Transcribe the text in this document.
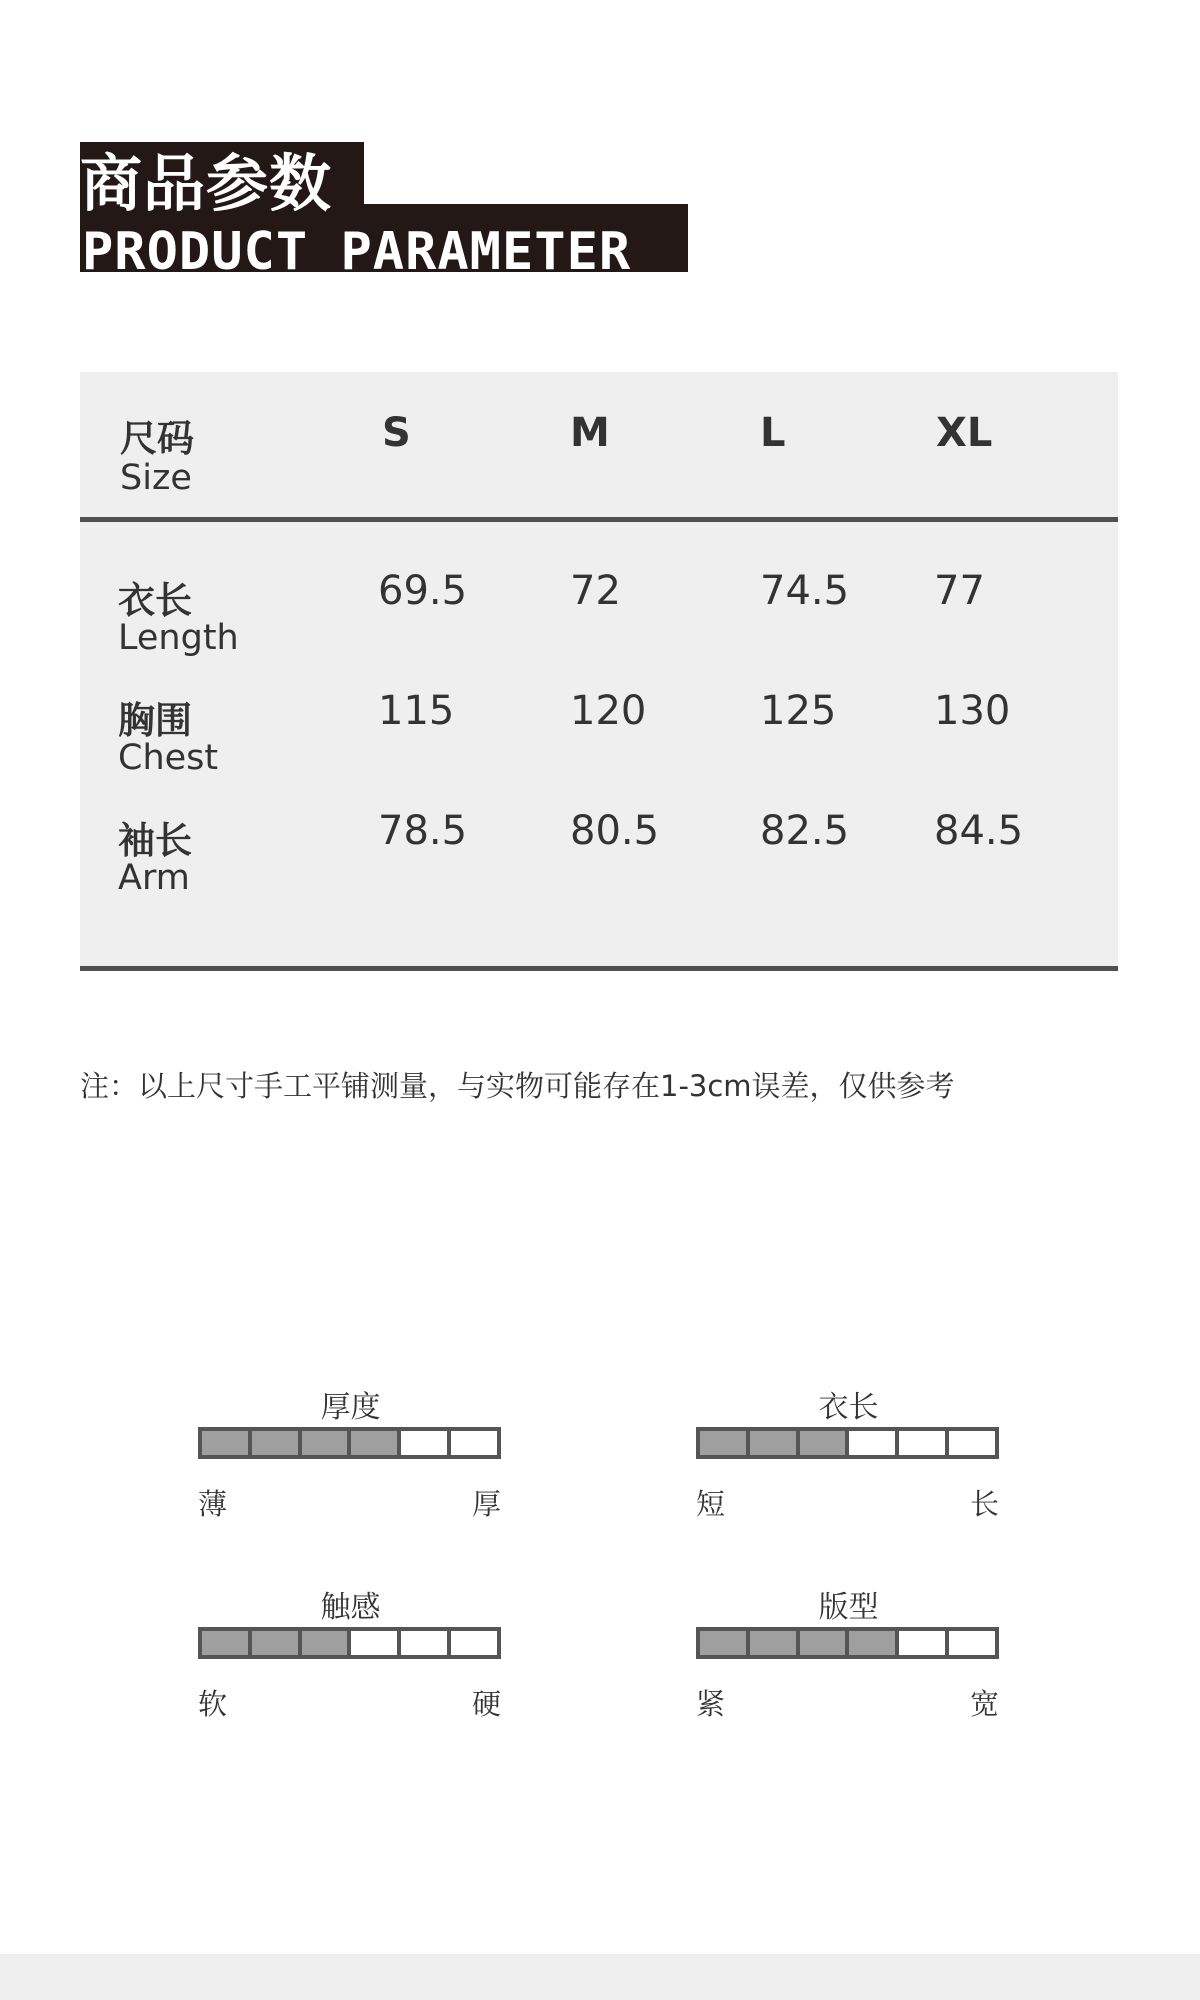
商品参数
PRODUCT PARAMETER
尺码
Size
S	M	L	XL
衣长
Length
69.5	72	74.5 77
胸围
Chest
115	120	125 130
袖长
Arm
78.5	80.5	82.5 84.5
注：以上尺寸手工平铺测量，与实物可能存在1-3cm误差，仅供参考
厚度
薄	厚
衣长
短	长
触感
软	硬
版型
紧	宽
